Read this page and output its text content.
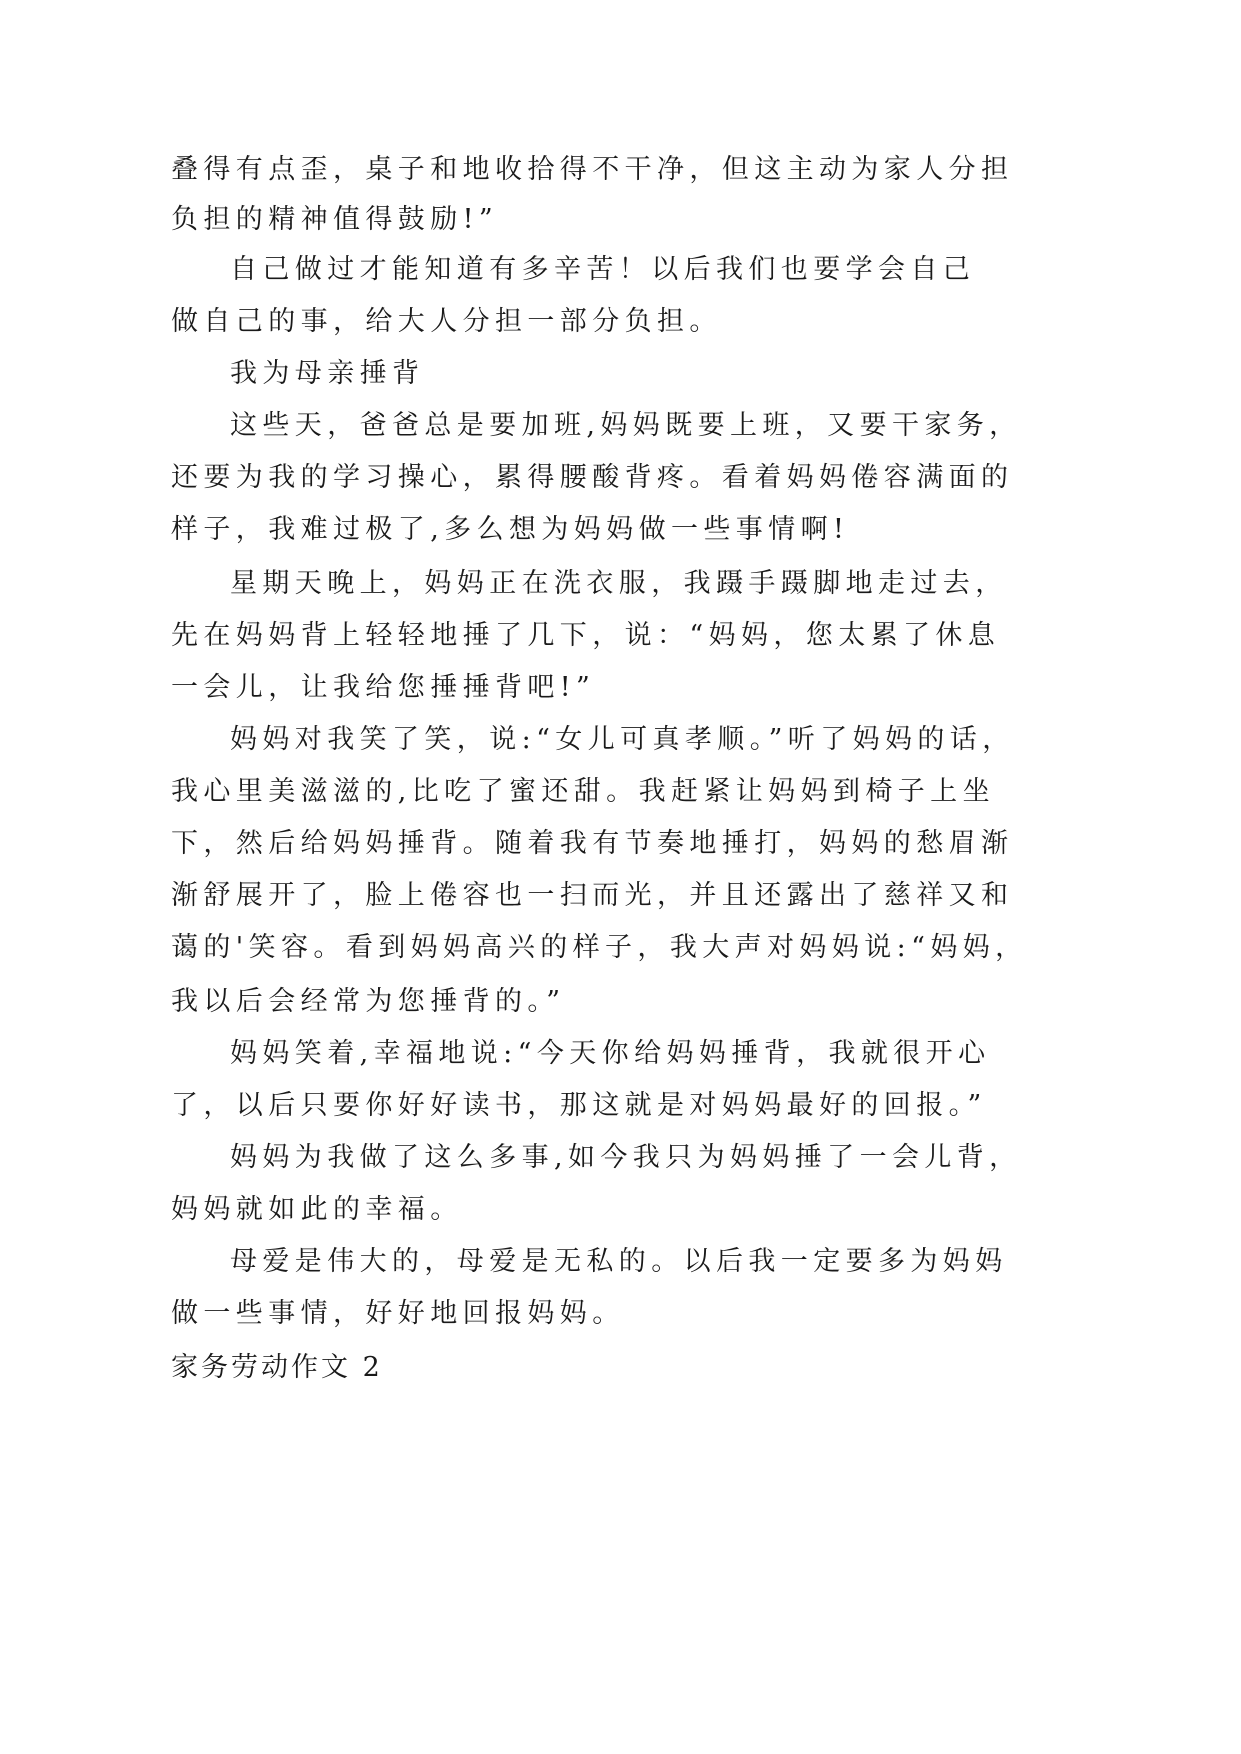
叠得有点歪，桌子和地收拾得不干净，但这主动为家人分担
负担的精神值得鼓励!”
自己做过才能知道有多辛苦！以后我们也要学会自己
做自己的事，给大人分担一部分负担。
我为母亲捶背
这些天，爸爸总是要加班,妈妈既要上班，又要干家务，
还要为我的学习操心，累得腰酸背疼。看着妈妈倦容满面的
样子，我难过极了,多么想为妈妈做一些事情啊!
星期天晚上，妈妈正在洗衣服，我蹑手蹑脚地走过去，
先在妈妈背上轻轻地捶了几下，说：“妈妈，您太累了休息
一会儿，让我给您捶捶背吧!”
妈妈对我笑了笑，说:“女儿可真孝顺。”听了妈妈的话，
我心里美滋滋的,比吃了蜜还甜。我赶紧让妈妈到椅子上坐
下，然后给妈妈捶背。随着我有节奏地捶打，妈妈的愁眉渐
渐舒展开了，脸上倦容也一扫而光，并且还露出了慈祥又和
蔼的'笑容。看到妈妈高兴的样子，我大声对妈妈说:“妈妈，
我以后会经常为您捶背的。”
妈妈笑着,幸福地说:“今天你给妈妈捶背，我就很开心
了，以后只要你好好读书，那这就是对妈妈最好的回报。”
妈妈为我做了这么多事,如今我只为妈妈捶了一会儿背，
妈妈就如此的幸福。
母爱是伟大的，母爱是无私的。以后我一定要多为妈妈
做一些事情，好好地回报妈妈。
家务劳动作文 2
